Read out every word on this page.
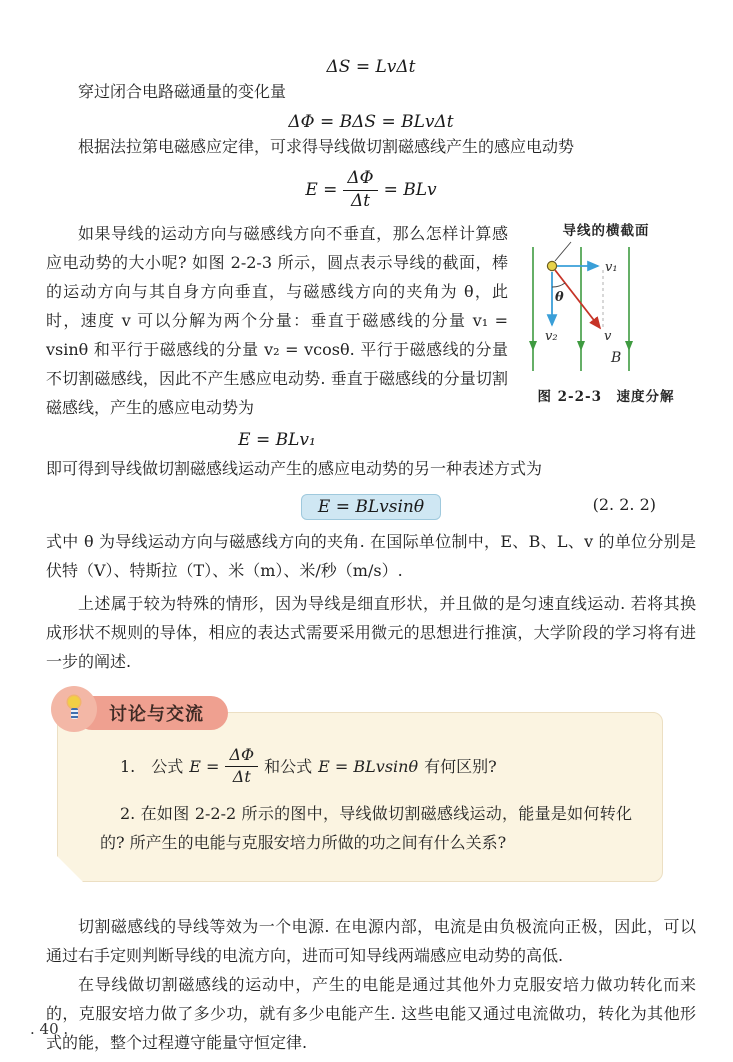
ΔS = LvΔt

穿过闭合电路磁通量的变化量

ΔΦ = BΔS = BLvΔt

根据法拉第电磁感应定律，可求得导线做切割磁感线产生的感应电动势

$E = \frac{\Delta\Phi}{\Delta t}$ = BLv

如果导线的运动方向与磁感线方向不垂直，那么怎样计算感应电动势的大小呢? 如图 2-2-3 所示，圆点表示导线的截面，棒的运动方向与其自身方向垂直，与磁感线方向的夹角为 θ，此时，速度 v 可以分解为两个分量：垂直于磁感线的分量 v₁ = vsinθ 和平行于磁感线的分量 v₂ = vcosθ. 平行于磁感线的分量不切割磁感线，因此不产生感应电动势. 垂直于磁感线的分量切割磁感线，产生的感应电动势为

E = BLv₁
导线的横截面
v₁
v₂	v
θ
B
图 2-2-3　速度分解

即可得到导线做切割磁感线运动产生的感应电动势的另一种表述方式为

E = BLvsinθ	(2. 2. 2)

式中 θ 为导线运动方向与磁感线方向的夹角. 在国际单位制中，E、B、L、v 的单位分别是伏特（V）、特斯拉（T）、米（m）、米/秒（m/s）.

上述属于较为特殊的情形，因为导线是细直形状，并且做的是匀速直线运动. 若将其换成形状不规则的导体，相应的表达式需要采用微元的思想进行推演，大学阶段的学习将有进一步的阐述.

讨论与交流
1.　公式 $E = \frac{\Delta\Phi}{\Delta t}$ 和公式 E = BLvsinθ 有何区别?

2. 在如图 2-2-2 所示的图中，导线做切割磁感线运动，能量是如何转化的? 所产生的电能与克服安培力所做的功之间有什么关系?

切割磁感线的导线等效为一个电源. 在电源内部，电流是由负极流向正极，因此，可以通过右手定则判断导线的电流方向，进而可知导线两端感应电动势的高低.

在导线做切割磁感线的运动中，产生的电能是通过其他外力克服安培力做功转化而来的，克服安培力做了多少功，就有多少电能产生. 这些电能又通过电流做功，转化为其他形式的能，整个过程遵守能量守恒定律.

. 40 .
